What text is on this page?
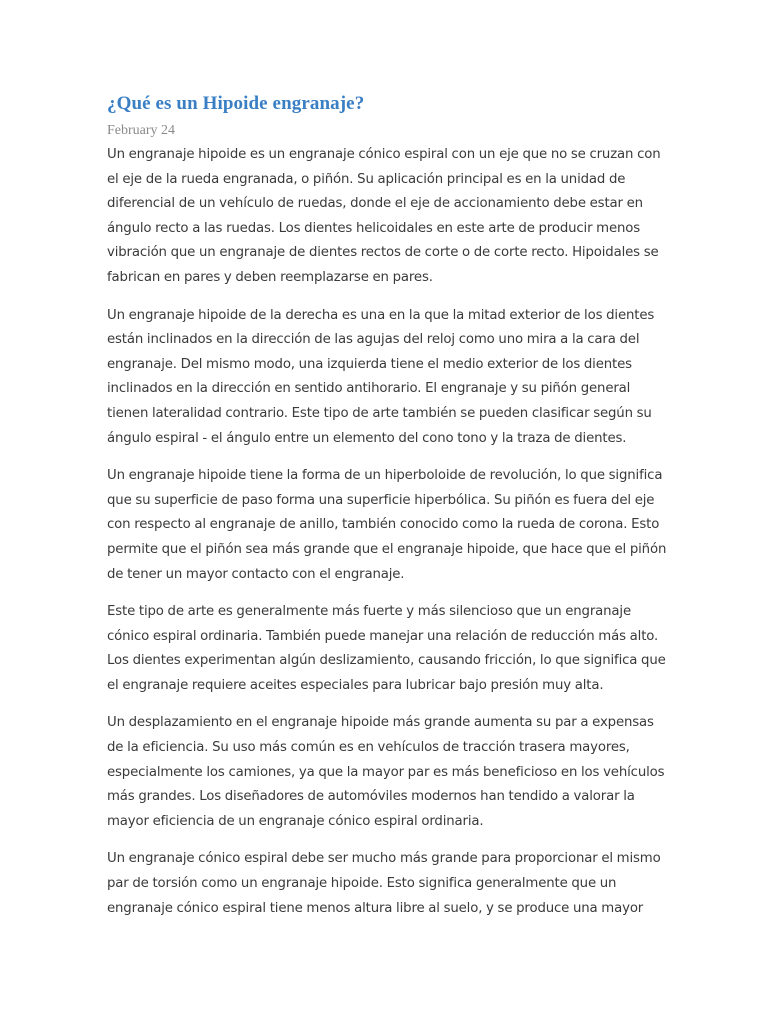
¿Qué es un Hipoide engranaje?
February 24

Un engranaje hipoide es un engranaje cónico espiral con un eje que no se cruzan con el eje de la rueda engranada, o piñón. Su aplicación principal es en la unidad de diferencial de un vehículo de ruedas, donde el eje de accionamiento debe estar en ángulo recto a las ruedas. Los dientes helicoidales en este arte de producir menos vibración que un engranaje de dientes rectos de corte o de corte recto. Hipoidales se fabrican en pares y deben reemplazarse en pares.

Un engranaje hipoide de la derecha es una en la que la mitad exterior de los dientes están inclinados en la dirección de las agujas del reloj como uno mira a la cara del engranaje. Del mismo modo, una izquierda tiene el medio exterior de los dientes inclinados en la dirección en sentido antihorario. El engranaje y su piñón general tienen lateralidad contrario. Este tipo de arte también se pueden clasificar según su ángulo espiral - el ángulo entre un elemento del cono tono y la traza de dientes.

Un engranaje hipoide tiene la forma de un hiperboloide de revolución, lo que significa que su superficie de paso forma una superficie hiperbólica. Su piñón es fuera del eje con respecto al engranaje de anillo, también conocido como la rueda de corona. Esto permite que el piñón sea más grande que el engranaje hipoide, que hace que el piñón de tener un mayor contacto con el engranaje.

Este tipo de arte es generalmente más fuerte y más silencioso que un engranaje cónico espiral ordinaria. También puede manejar una relación de reducción más alto. Los dientes experimentan algún deslizamiento, causando fricción, lo que significa que el engranaje requiere aceites especiales para lubricar bajo presión muy alta.

Un desplazamiento en el engranaje hipoide más grande aumenta su par a expensas de la eficiencia. Su uso más común es en vehículos de tracción trasera mayores, especialmente los camiones, ya que la mayor par es más beneficioso en los vehículos más grandes. Los diseñadores de automóviles modernos han tendido a valorar la mayor eficiencia de un engranaje cónico espiral ordinaria.

Un engranaje cónico espiral debe ser mucho más grande para proporcionar el mismo par de torsión como un engranaje hipoide. Esto significa generalmente que un engranaje cónico espiral tiene menos altura libre al suelo, y se produce una mayor
